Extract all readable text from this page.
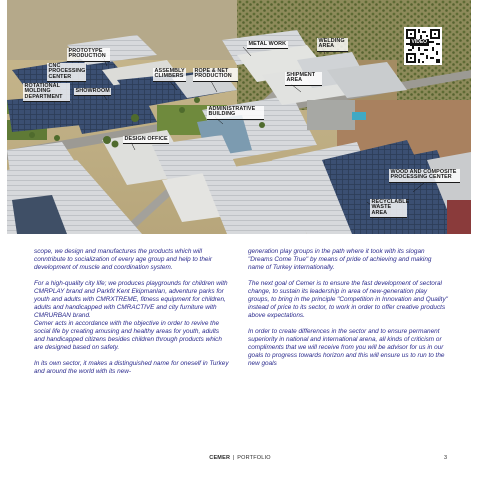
PROTOTYPE PRODUCTION
CNC PROCESSING CENTER
ROTATIONAL MOLDING DEPARTMENT
SHOWROOM
METAL WORK	WELDING AREA
ASSEMBLY CLIMBERS
ROPE & NET PRODUCTION	SHIPMENT AREA
ADMINISTRATIVE BUILDING
DESIGN OFFICE
WOOD AND COMPOSITE PROCESSING CENTER
RECYCLABLE WASTE AREA
VIDEO

scope, we design and manufactures the products which will conntribute to socialization of every age group and help to their development of muscle and coordination system.

For a high-quality city life; we produces playgrounds for children with CMRPLAY brand and Parkfit Kent Ekipmanları, adventure parks for youth and adults with CMRXTREME, fitness equipment for children, adults and handicapped with CMRACTIVE and city furniture with CMRURBAN brand.
Cemer acts in accordance with the objective in order to revive the social life by creating amusing and healthy areas for youth, adults and handicapped citizens besides children through products which are designed based on safety.

In its own sector, it makes a distinguished name for oneself in Turkey and around the world with its new-

generation play groups in the path where it took with its slogan "Dreams Come True" by means of pride of achieving and making name of Turkey internationally.

The next goal of Cemer is to ensure the fast development of sectoral change, to sustain its leadership in area of new-generation play groups, to bring in the principle "Competition in Innovation and Quality" instead of price to its sector, to work in order to offer creative products above expectations.

In order to create differences in the sector and to ensure permanent superiority in national and international arena, all kinds of criticism or compliments that we will receive from you will be advisor for us in our goals to progress towards horizon and this will ensure us to run to the new goals

CEMER | PORTFOLIO	3
